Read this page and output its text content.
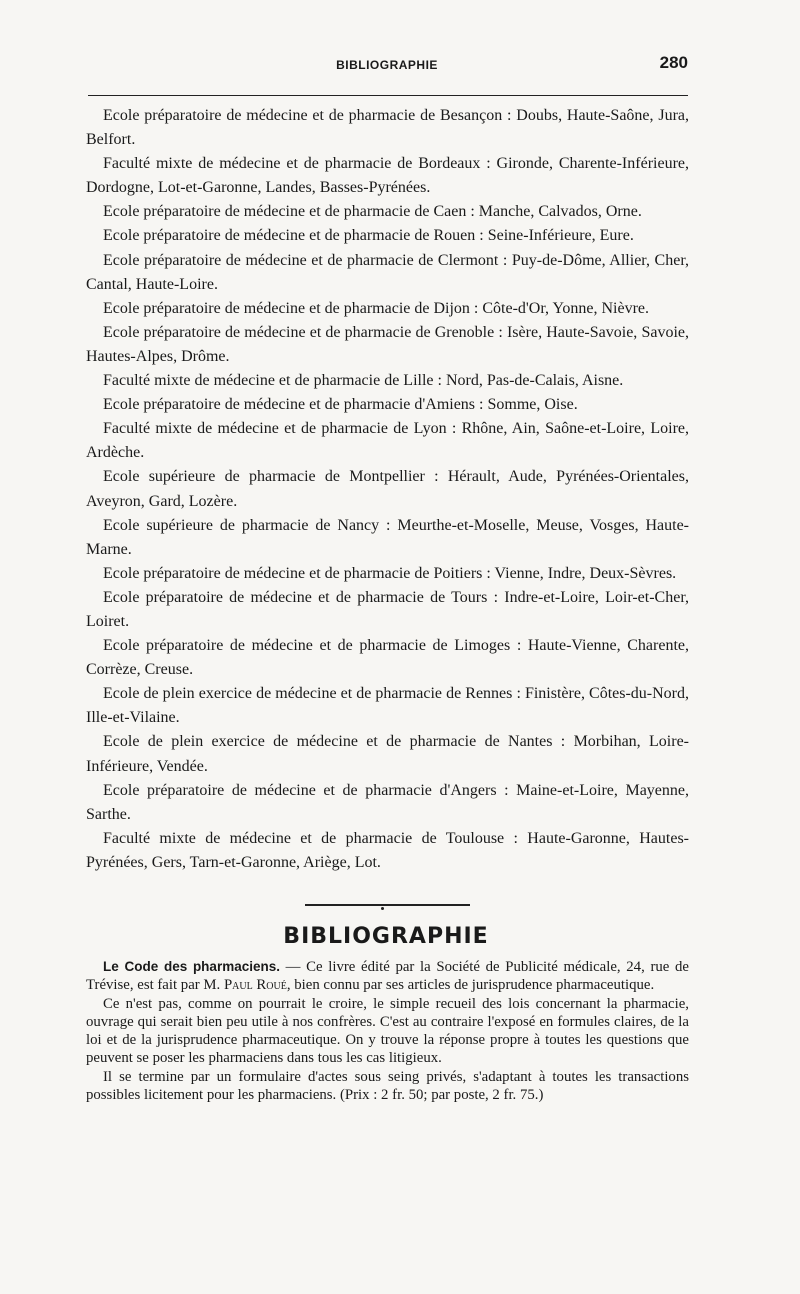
BIBLIOGRAPHIE	280

Ecole préparatoire de médecine et de pharmacie de Besançon : Doubs, Haute-Saône, Jura, Belfort.

Faculté mixte de médecine et de pharmacie de Bordeaux : Gironde, Charente-Inférieure, Dordogne, Lot-et-Garonne, Landes, Basses-Pyrénées.

Ecole préparatoire de médecine et de pharmacie de Caen : Manche, Calvados, Orne.

Ecole préparatoire de médecine et de pharmacie de Rouen : Seine-Inférieure, Eure.

Ecole préparatoire de médecine et de pharmacie de Clermont : Puy-de-Dôme, Allier, Cher, Cantal, Haute-Loire.

Ecole préparatoire de médecine et de pharmacie de Dijon : Côte-d'Or, Yonne, Nièvre.

Ecole préparatoire de médecine et de pharmacie de Grenoble : Isère, Haute-Savoie, Savoie, Hautes-Alpes, Drôme.

Faculté mixte de médecine et de pharmacie de Lille : Nord, Pas-de-Calais, Aisne.

Ecole préparatoire de médecine et de pharmacie d'Amiens : Somme, Oise.

Faculté mixte de médecine et de pharmacie de Lyon : Rhône, Ain, Saône-et-Loire, Loire, Ardèche.

Ecole supérieure de pharmacie de Montpellier : Hérault, Aude, Pyrénées-Orientales, Aveyron, Gard, Lozère.

Ecole supérieure de pharmacie de Nancy : Meurthe-et-Moselle, Meuse, Vosges, Haute-Marne.

Ecole préparatoire de médecine et de pharmacie de Poitiers : Vienne, Indre, Deux-Sèvres.

Ecole préparatoire de médecine et de pharmacie de Tours : Indre-et-Loire, Loir-et-Cher, Loiret.

Ecole préparatoire de médecine et de pharmacie de Limoges : Haute-Vienne, Charente, Corrèze, Creuse.

Ecole de plein exercice de médecine et de pharmacie de Rennes : Finistère, Côtes-du-Nord, Ille-et-Vilaine.

Ecole de plein exercice de médecine et de pharmacie de Nantes : Morbihan, Loire-Inférieure, Vendée.

Ecole préparatoire de médecine et de pharmacie d'Angers : Maine-et-Loire, Mayenne, Sarthe.

Faculté mixte de médecine et de pharmacie de Toulouse : Haute-Garonne, Hautes-Pyrénées, Gers, Tarn-et-Garonne, Ariège, Lot.

BIBLIOGRAPHIE

Le Code des pharmaciens. — Ce livre édité par la Société de Publicité médicale, 24, rue de Trévise, est fait par M. Paul Roué, bien connu par ses articles de jurisprudence pharmaceutique.

Ce n'est pas, comme on pourrait le croire, le simple recueil des lois concernant la pharmacie, ouvrage qui serait bien peu utile à nos confrères. C'est au contraire l'exposé en formules claires, de la loi et de la jurisprudence pharmaceutique. On y trouve la réponse propre à toutes les questions que peuvent se poser les pharmaciens dans tous les cas litigieux.

Il se termine par un formulaire d'actes sous seing privés, s'adaptant à toutes les transactions possibles licitement pour les pharmaciens. (Prix : 2 fr. 50; par poste, 2 fr. 75.)
